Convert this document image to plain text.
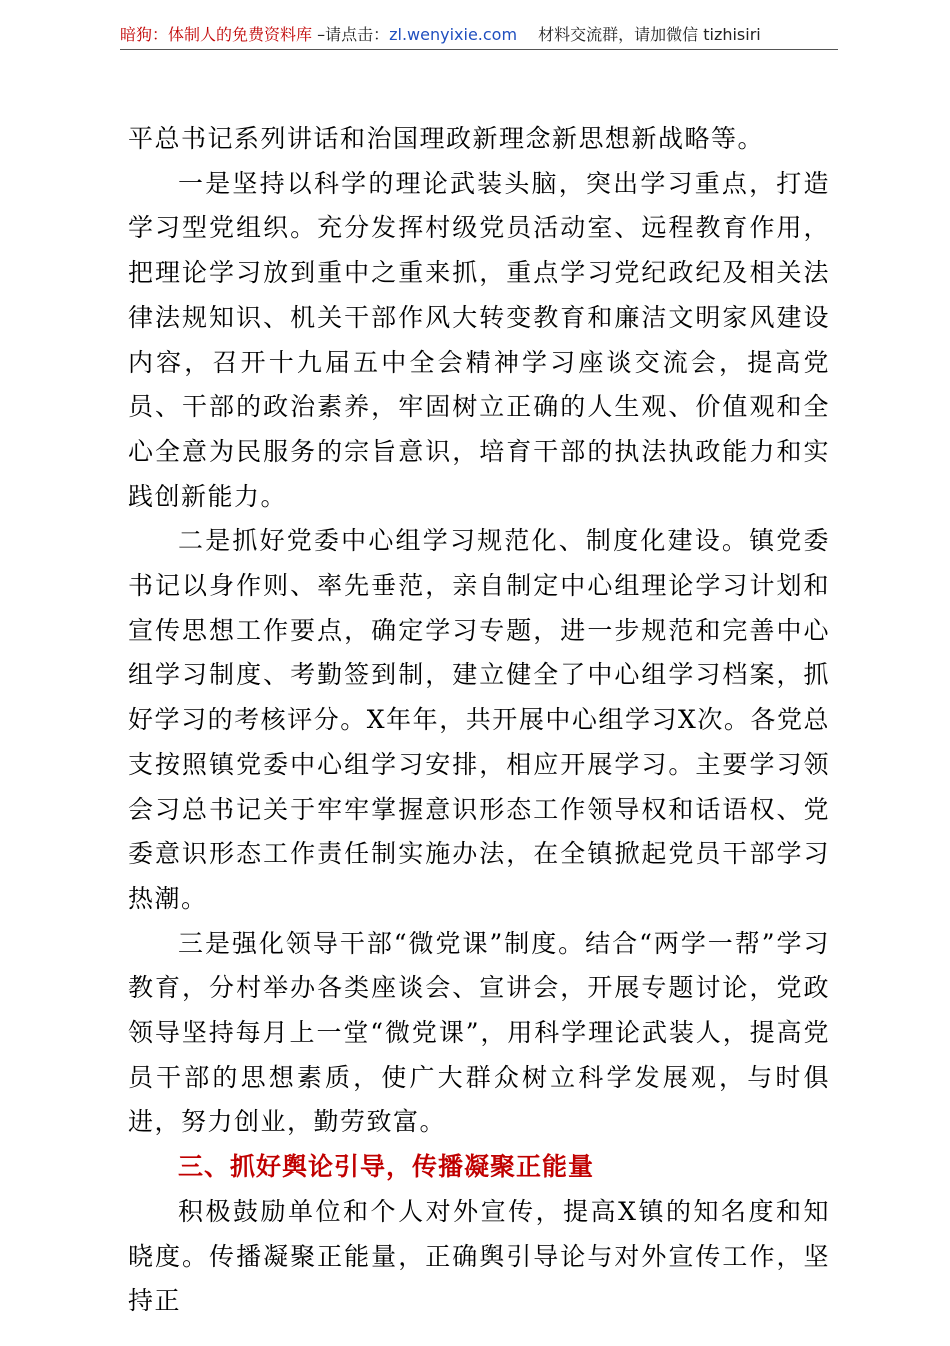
暗狗：体制人的免费资料库 –请点击：zl.wenyixie.com　 材料交流群，请加微信 tizhisiri

平总书记系列讲话和治国理政新理念新思想新战略等。

一是坚持以科学的理论武装头脑，突出学习重点，打造学习型党组织。充分发挥村级党员活动室、远程教育作用，把理论学习放到重中之重来抓，重点学习党纪政纪及相关法律法规知识、机关干部作风大转变教育和廉洁文明家风建设内容，召开十九届五中全会精神学习座谈交流会，提高党员、干部的政治素养，牢固树立正确的人生观、价值观和全心全意为民服务的宗旨意识，培育干部的执法执政能力和实践创新能力。

二是抓好党委中心组学习规范化、制度化建设。镇党委书记以身作则、率先垂范，亲自制定中心组理论学习计划和宣传思想工作要点，确定学习专题，进一步规范和完善中心组学习制度、考勤签到制，建立健全了中心组学习档案，抓好学习的考核评分。X年年，共开展中心组学习X次。各党总支按照镇党委中心组学习安排，相应开展学习。主要学习领会习总书记关于牢牢掌握意识形态工作领导权和话语权、党委意识形态工作责任制实施办法，在全镇掀起党员干部学习热潮。

三是强化领导干部“微党课”制度。结合“两学一帮”学习教育，分村举办各类座谈会、宣讲会，开展专题讨论，党政领导坚持每月上一堂“微党课”，用科学理论武装人，提高党员干部的思想素质，使广大群众树立科学发展观，与时俱进，努力创业，勤劳致富。

三、抓好舆论引导，传播凝聚正能量

积极鼓励单位和个人对外宣传，提高X镇的知名度和知晓度。传播凝聚正能量，正确舆引导论与对外宣传工作，坚持正
